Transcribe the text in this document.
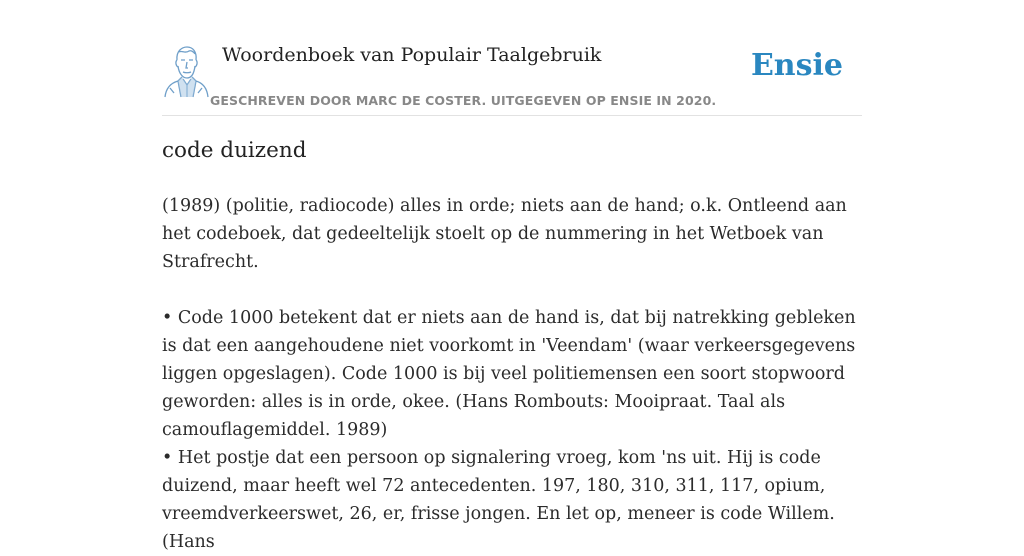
Woordenboek van Populair Taalgebruik
GESCHREVEN DOOR MARC DE COSTER. UITGEGEVEN OP ENSIE IN 2020.
Ensie
code duizend

(1989) (politie, radiocode) alles in orde; niets aan de hand; o.k. Ontleend aan het codeboek, dat gedeeltelijk stoelt op de nummering in het Wetboek van Strafrecht.

• Code 1000 betekent dat er niets aan de hand is, dat bij natrekking gebleken is dat een aangehoudene niet voorkomt in 'Veendam' (waar verkeersgegevens liggen opgeslagen). Code 1000 is bij veel politiemensen een soort stopwoord geworden: alles is in orde, okee. (Hans Rombouts: Mooipraat. Taal als camouflagemiddel. 1989)

• Het postje dat een persoon op signalering vroeg, kom 'ns uit. Hij is code duizend, maar heeft wel 72 antecedenten. 197, 180, 310, 311, 117, opium, vreemdverkeerswet, 26, er, frisse jongen. En let op, meneer is code Willem. (Hans
